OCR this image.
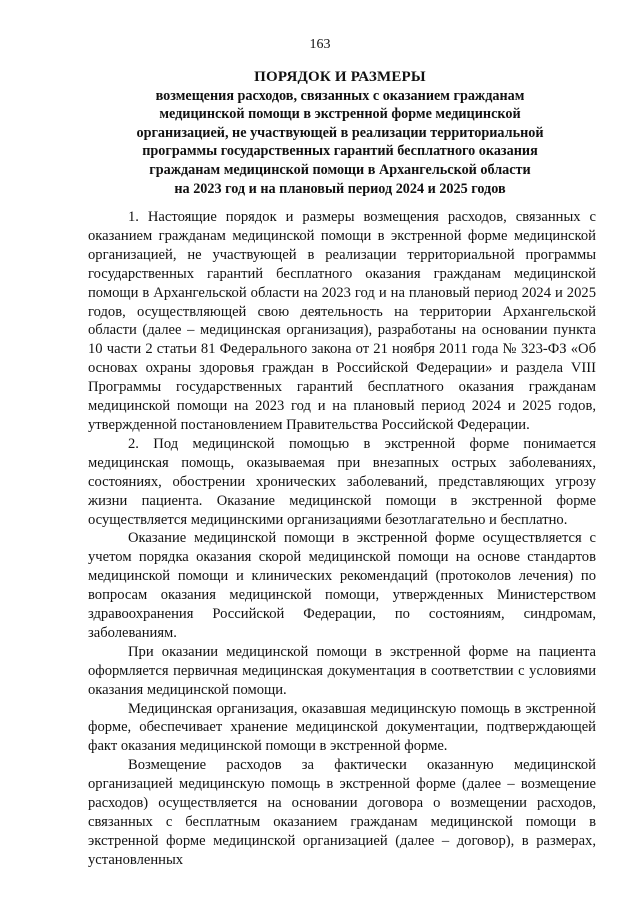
163
ПОРЯДОК И РАЗМЕРЫ
возмещения расходов, связанных с оказанием гражданам
медицинской помощи в экстренной форме медицинской
организацией, не участвующей в реализации территориальной
программы государственных гарантий бесплатного оказания
гражданам медицинской помощи в Архангельской области
на 2023 год и на плановый период 2024 и 2025 годов

1. Настоящие порядок и размеры возмещения расходов, связанных с оказанием гражданам медицинской помощи в экстренной форме медицинской организацией, не участвующей в реализации территориальной программы государственных гарантий бесплатного оказания гражданам медицинской помощи в Архангельской области на 2023 год и на плановый период 2024 и 2025 годов, осуществляющей свою деятельность на территории Архангельской области (далее – медицинская организация), разработаны на основании пункта 10 части 2 статьи 81 Федерального закона от 21 ноября 2011 года № 323-ФЗ «Об основах охраны здоровья граждан в Российской Федерации» и раздела VIII Программы государственных гарантий бесплатного оказания гражданам медицинской помощи на 2023 год и на плановый период 2024 и 2025 годов, утвержденной постановлением Правительства Российской Федерации.

2. Под медицинской помощью в экстренной форме понимается медицинская помощь, оказываемая при внезапных острых заболеваниях, состояниях, обострении хронических заболеваний, представляющих угрозу жизни пациента. Оказание медицинской помощи в экстренной форме осуществляется медицинскими организациями безотлагательно и бесплатно.

Оказание медицинской помощи в экстренной форме осуществляется с учетом порядка оказания скорой медицинской помощи на основе стандартов медицинской помощи и клинических рекомендаций (протоколов лечения) по вопросам оказания медицинской помощи, утвержденных Министерством здравоохранения Российской Федерации, по состояниям, синдромам, заболеваниям.

При оказании медицинской помощи в экстренной форме на пациента оформляется первичная медицинская документация в соответствии с условиями оказания медицинской помощи.

Медицинская организация, оказавшая медицинскую помощь в экстренной форме, обеспечивает хранение медицинской документации, подтверждающей факт оказания медицинской помощи в экстренной форме.

Возмещение расходов за фактически оказанную медицинской организацией медицинскую помощь в экстренной форме (далее – возмещение расходов) осуществляется на основании договора о возмещении расходов, связанных с бесплатным оказанием гражданам медицинской помощи в экстренной форме медицинской организацией (далее – договор), в размерах, установленных
